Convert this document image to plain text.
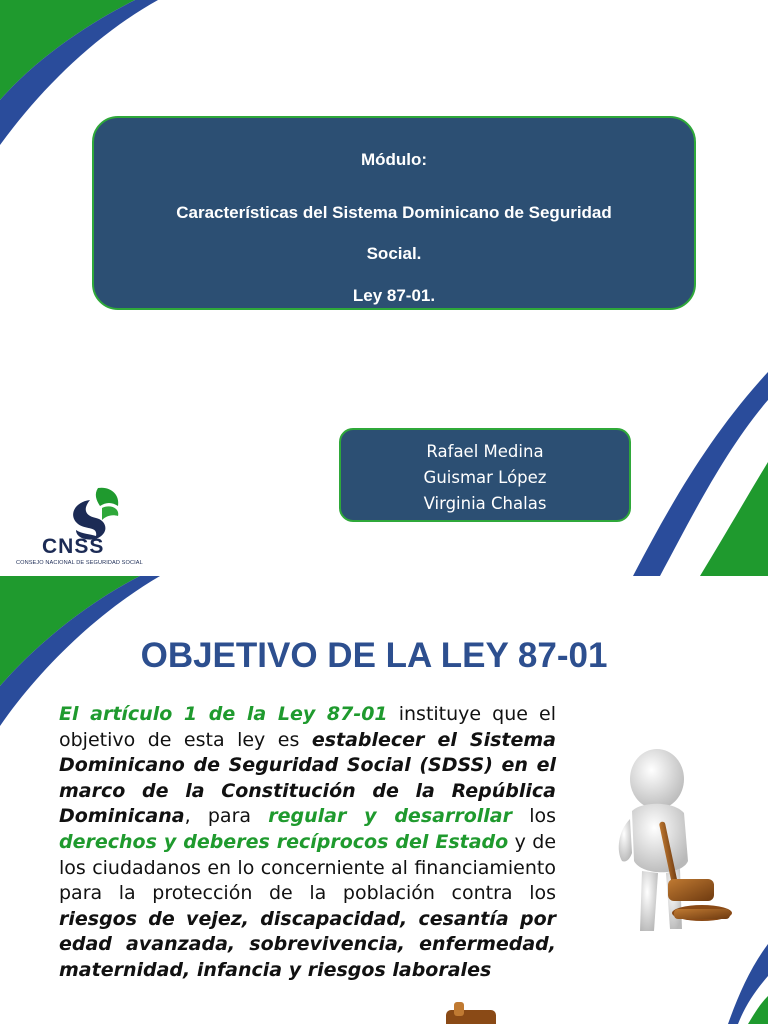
Módulo:
Características del Sistema Dominicano de Seguridad
Social.
Ley 87-01.
Rafael Medina
Guismar López
Virginia Chalas
CNSS
CONSEJO NACIONAL DE SEGURIDAD SOCIAL
OBJETIVO DE LA LEY 87-01

El artículo 1 de la Ley 87-01 instituye que el objetivo de esta ley es establecer el Sistema Dominicano de Seguridad Social (SDSS) en el marco de la Constitución de la República Dominicana, para regular y desarrollar los derechos y deberes recíprocos del Estado y de los ciudadanos en lo concerniente al financiamiento para la protección de la población contra los riesgos de vejez, discapacidad, cesantía por edad avanzada, sobrevivencia, enfermedad, maternidad, infancia y riesgos laborales
